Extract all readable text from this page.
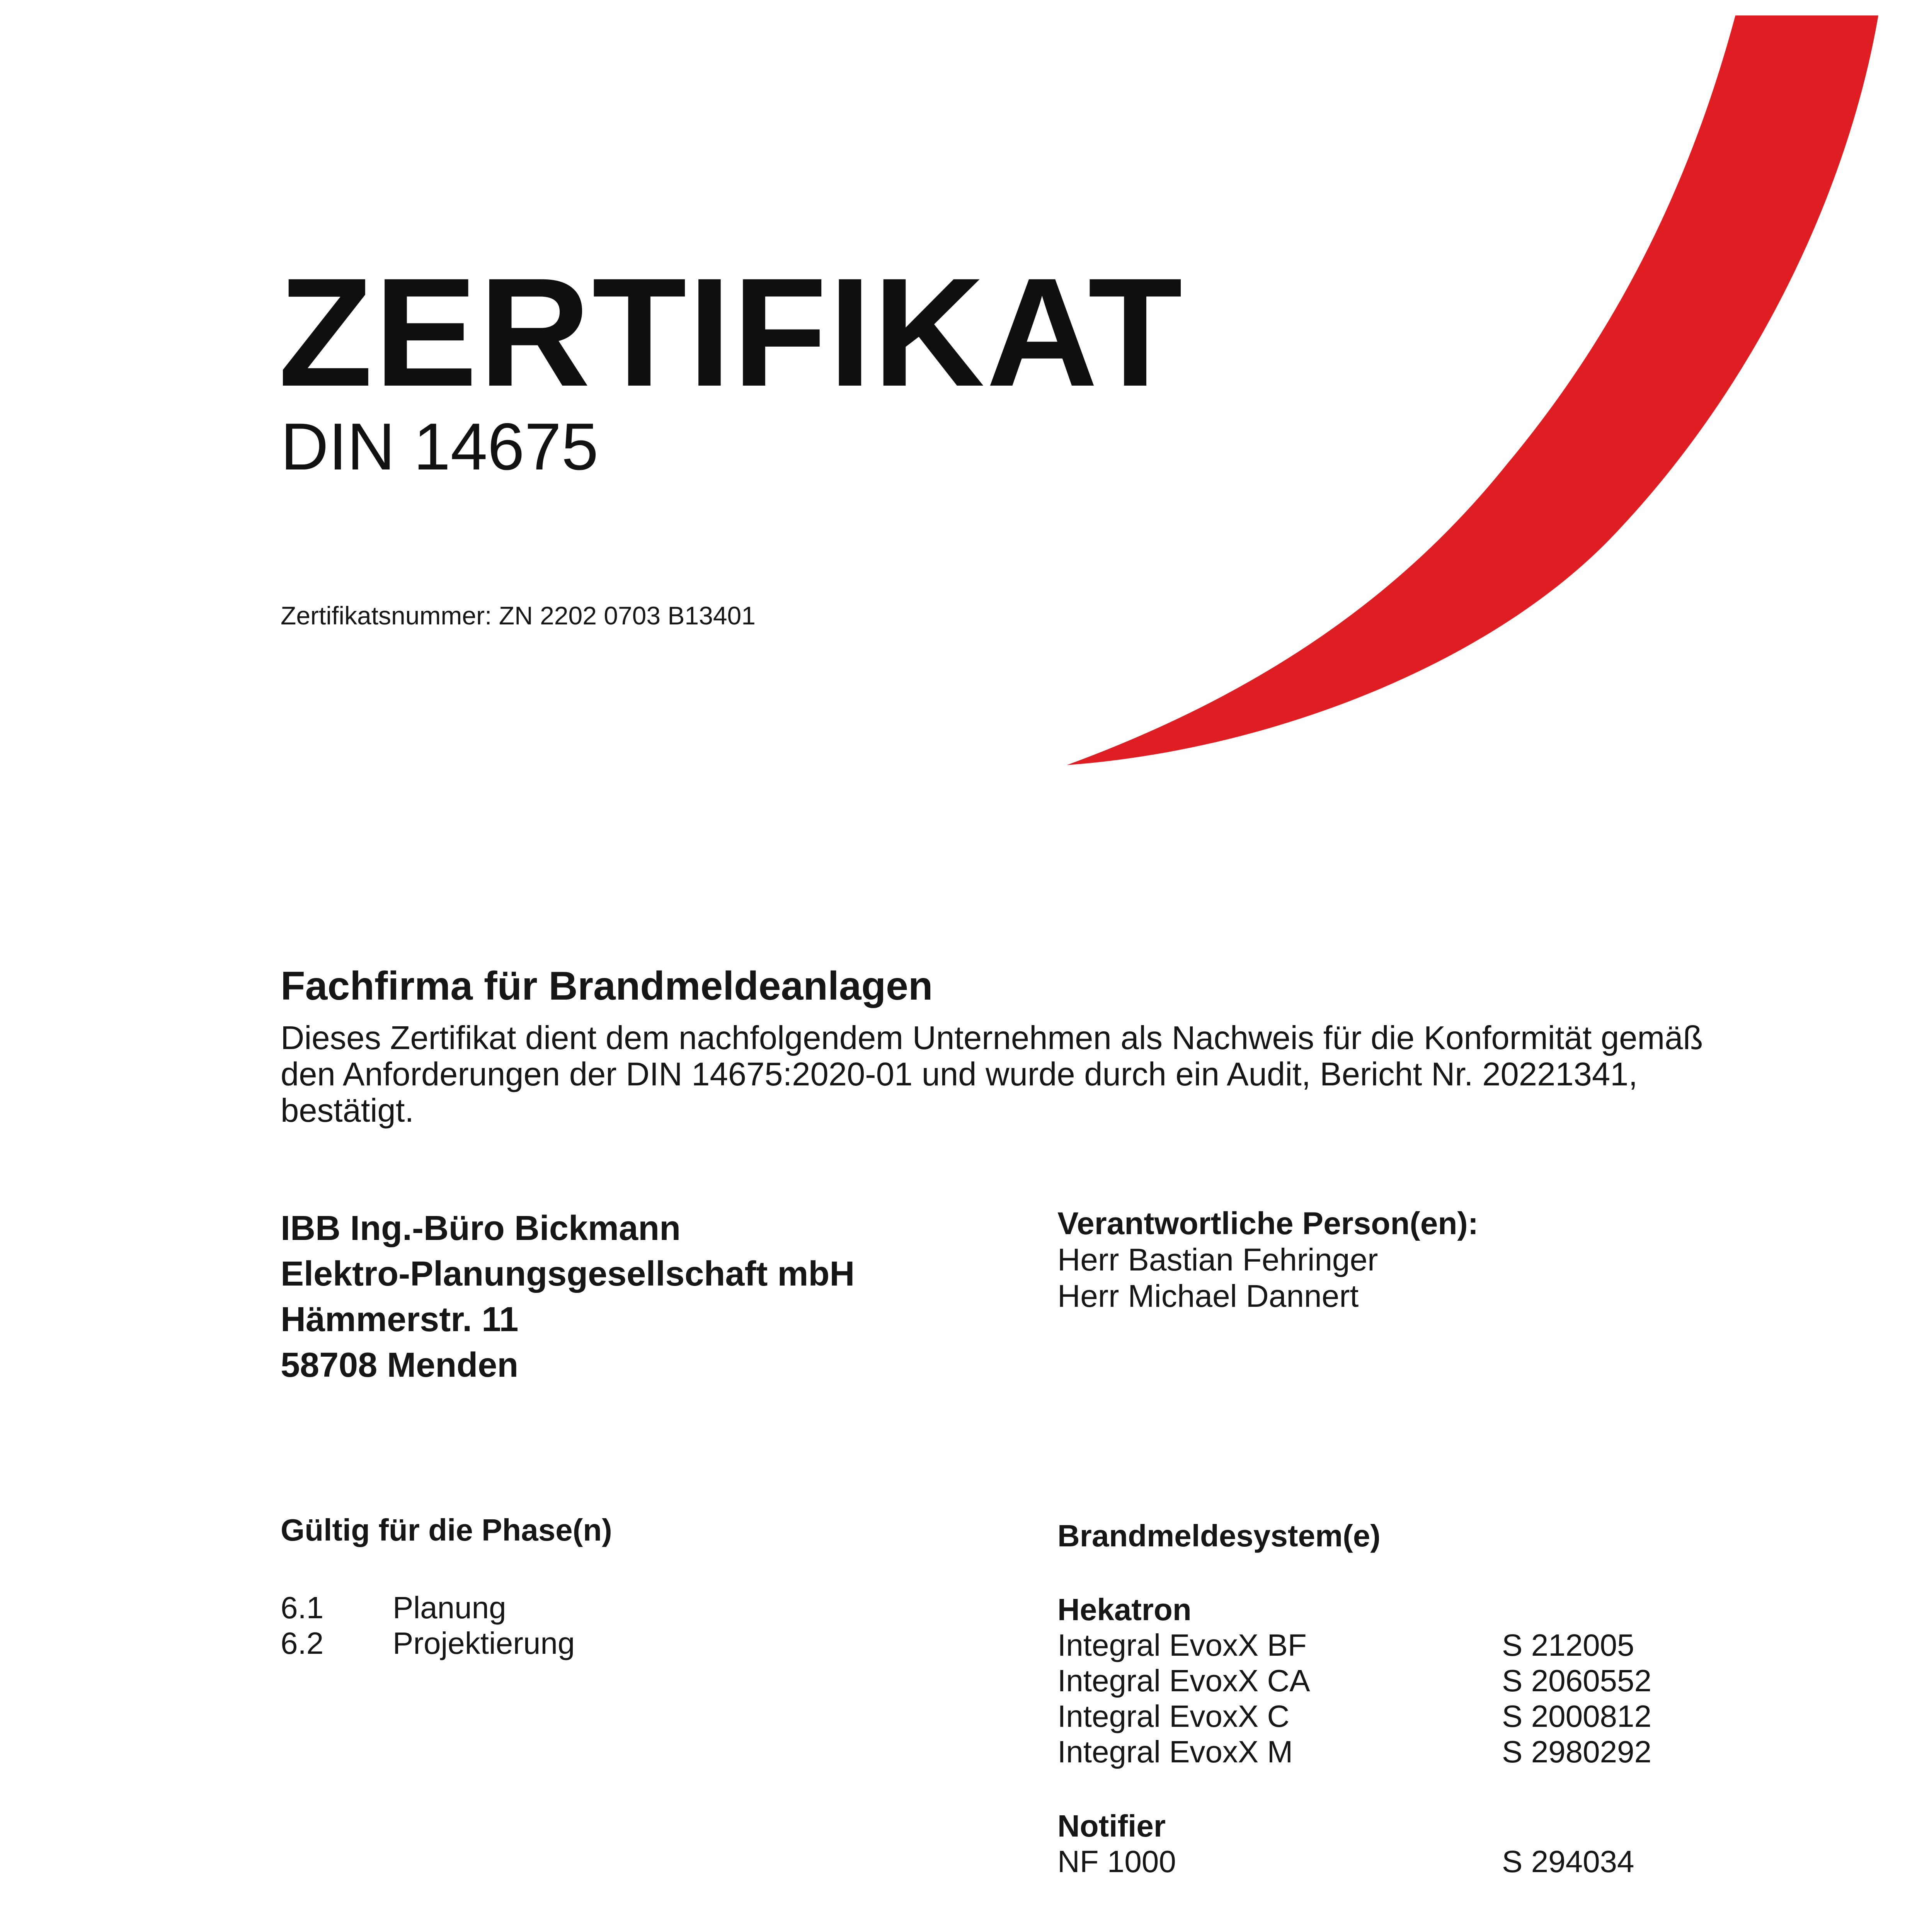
ZERTIFIKAT
DIN 14675
Zertifikatsnummer: ZN 2202 0703 B13401
Fachfirma für Brandmeldeanlagen
Dieses Zertifikat dient dem nachfolgendem Unternehmen als Nachweis für die Konformität gemäß
den Anforderungen der DIN 14675:2020-01 und wurde durch ein Audit, Bericht Nr. 20221341,
bestätigt.
IBB Ing.-Büro Bickmann
Elektro-Planungsgesellschaft mbH
Hämmerstr. 11
58708 Menden
Verantwortliche Person(en):
Herr Bastian Fehringer
Herr Michael Dannert
Gültig für die Phase(n)
6.1	Planung
6.2	Projektierung
Brandmeldesystem(e)
Hekatron
Integral EvoxX BF	S 212005
Integral EvoxX CA	S 2060552
Integral EvoxX C	S 2000812
Integral EvoxX M	S 2980292
Notifier
NF 1000	S 294034
